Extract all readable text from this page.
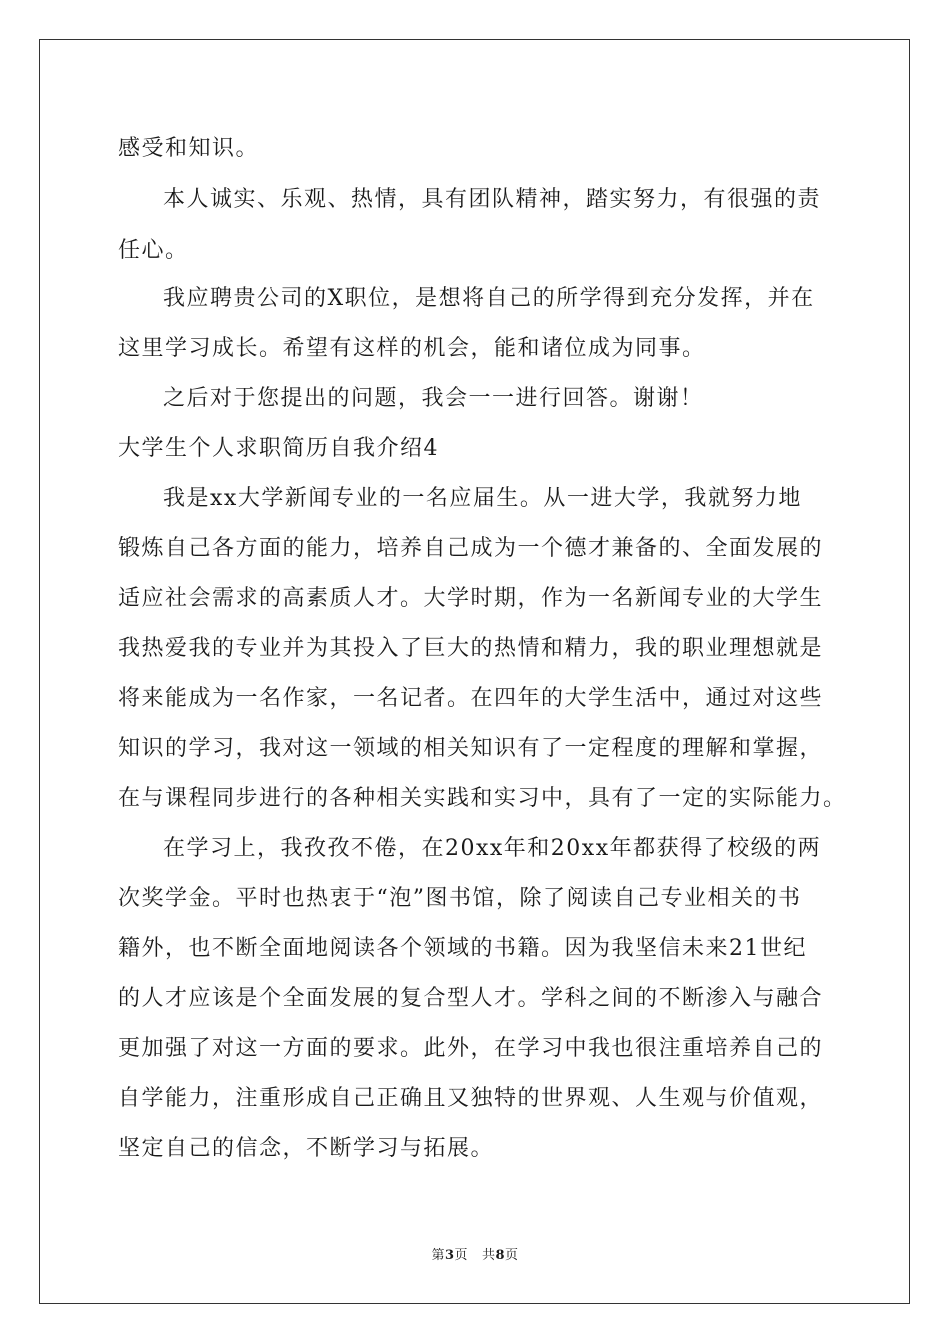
感受和知识。
本人诚实、乐观、热情，具有团队精神，踏实努力，有很强的责
任心。
我应聘贵公司的X职位，是想将自己的所学得到充分发挥，并在
这里学习成长。希望有这样的机会，能和诸位成为同事。
之后对于您提出的问题，我会一一进行回答。谢谢！
大学生个人求职简历自我介绍4
我是xx大学新闻专业的一名应届生。从一进大学，我就努力地
锻炼自己各方面的能力，培养自己成为一个德才兼备的、全面发展的
适应社会需求的高素质人才。大学时期，作为一名新闻专业的大学生
我热爱我的专业并为其投入了巨大的热情和精力，我的职业理想就是
将来能成为一名作家，一名记者。在四年的大学生活中，通过对这些
知识的学习，我对这一领域的相关知识有了一定程度的理解和掌握，
在与课程同步进行的各种相关实践和实习中，具有了一定的实际能力。
在学习上，我孜孜不倦，在20xx年和20xx年都获得了校级的两
次奖学金。平时也热衷于“泡”图书馆，除了阅读自己专业相关的书
籍外，也不断全面地阅读各个领域的书籍。因为我坚信未来21世纪
的人才应该是个全面发展的复合型人才。学科之间的不断渗入与融合
更加强了对这一方面的要求。此外，在学习中我也很注重培养自己的
自学能力，注重形成自己正确且又独特的世界观、人生观与价值观，
坚定自己的信念，不断学习与拓展。
第3页 共8页
